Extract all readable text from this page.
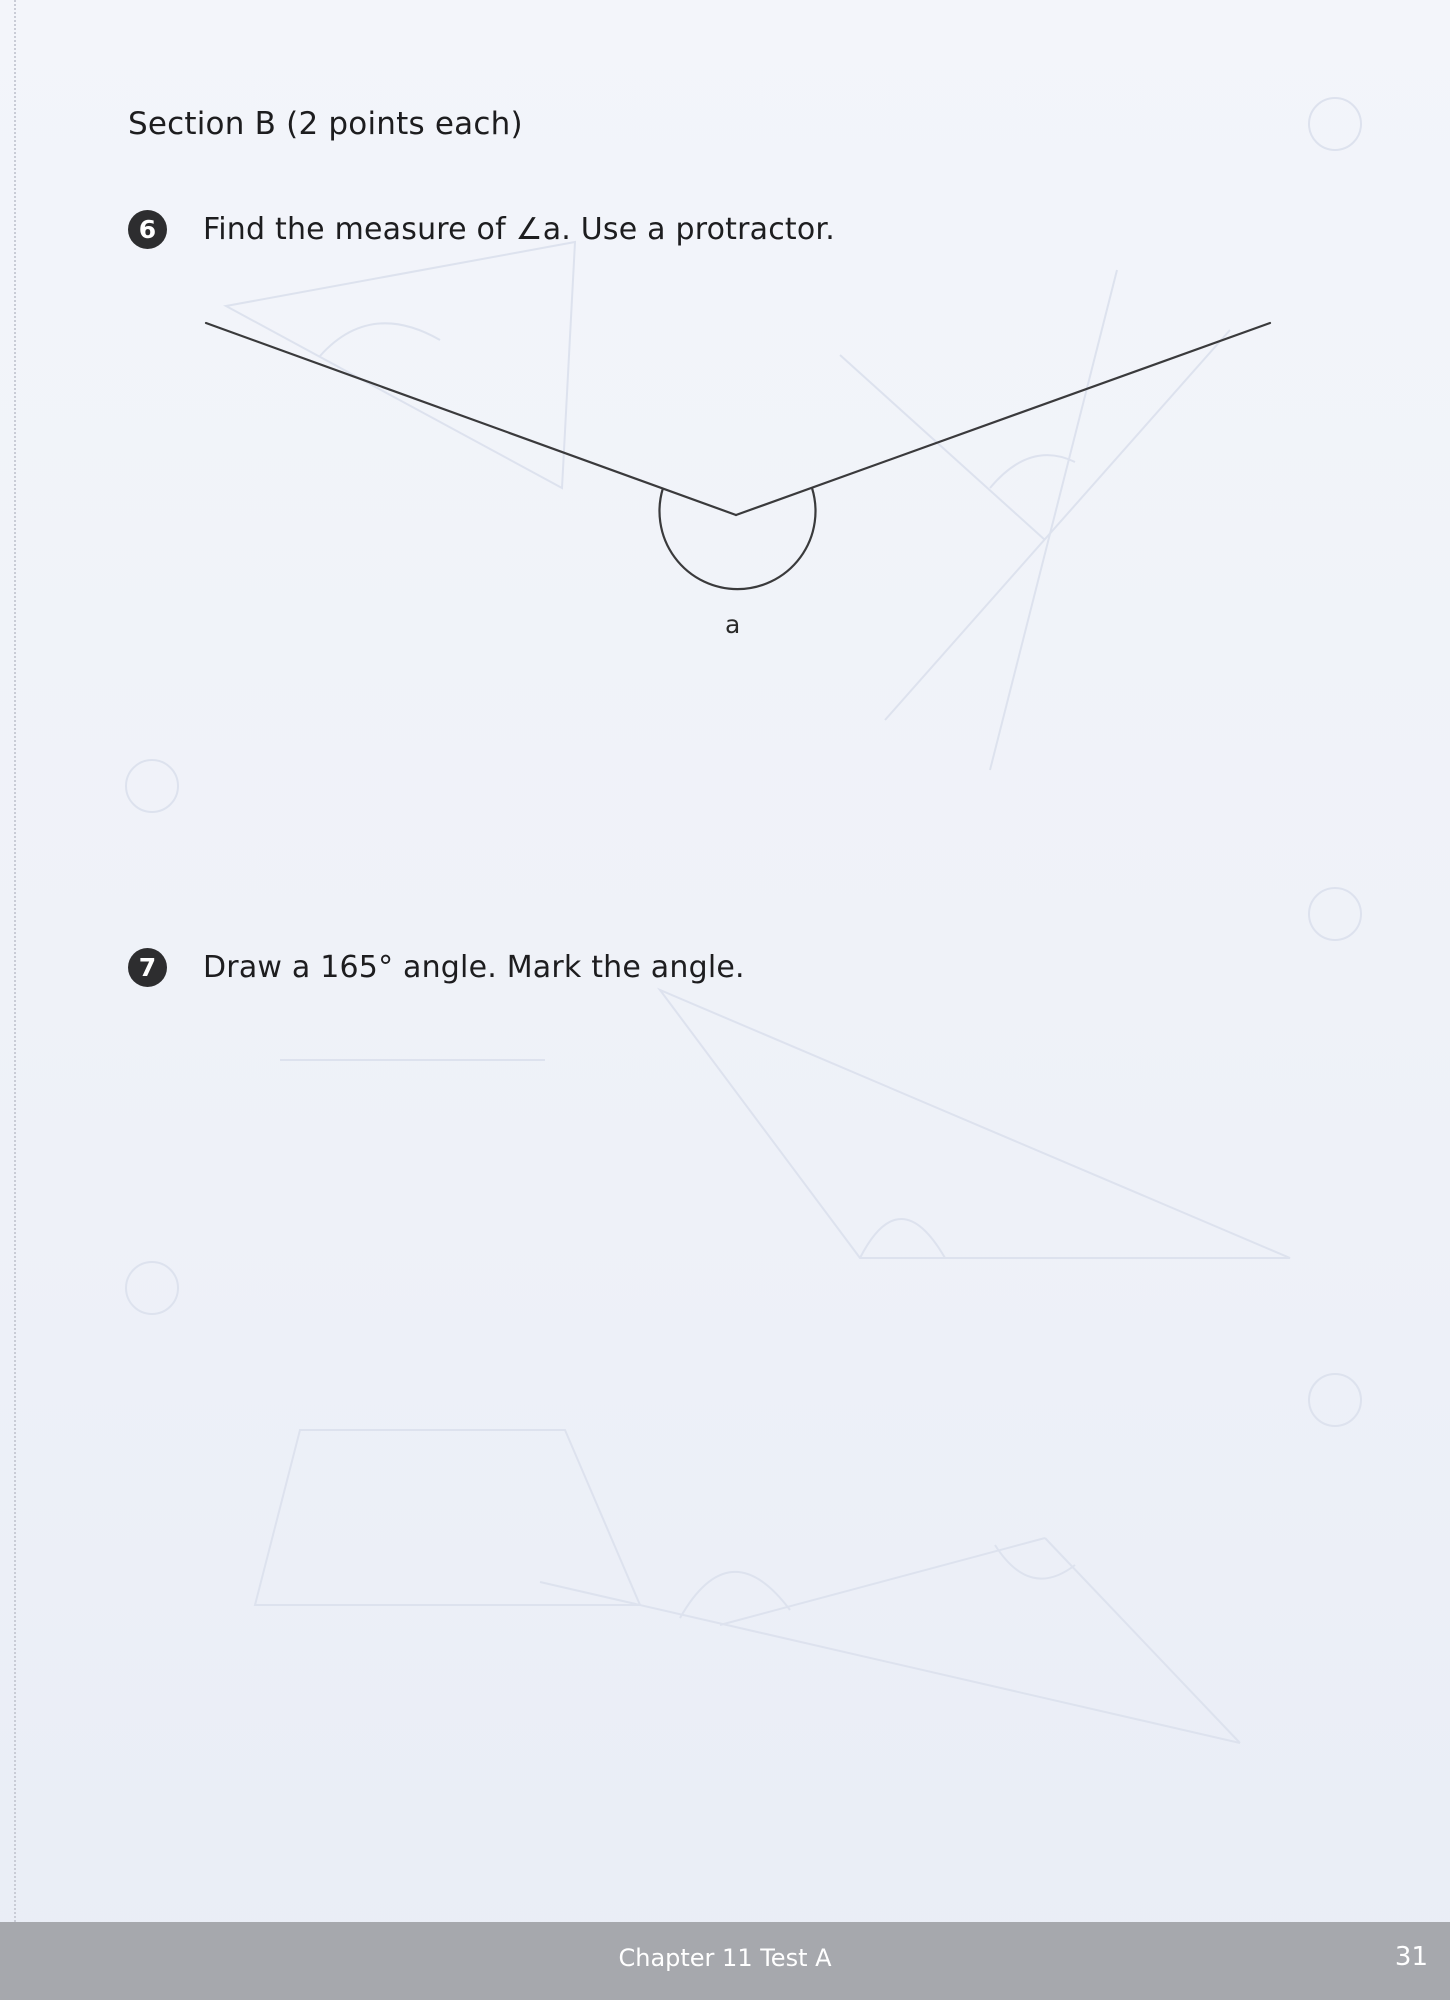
Section B (2 points each)
6	Find the measure of ∠a. Use a protractor.
a
7	Draw a 165° angle. Mark the angle.
Chapter 11 Test A	31
